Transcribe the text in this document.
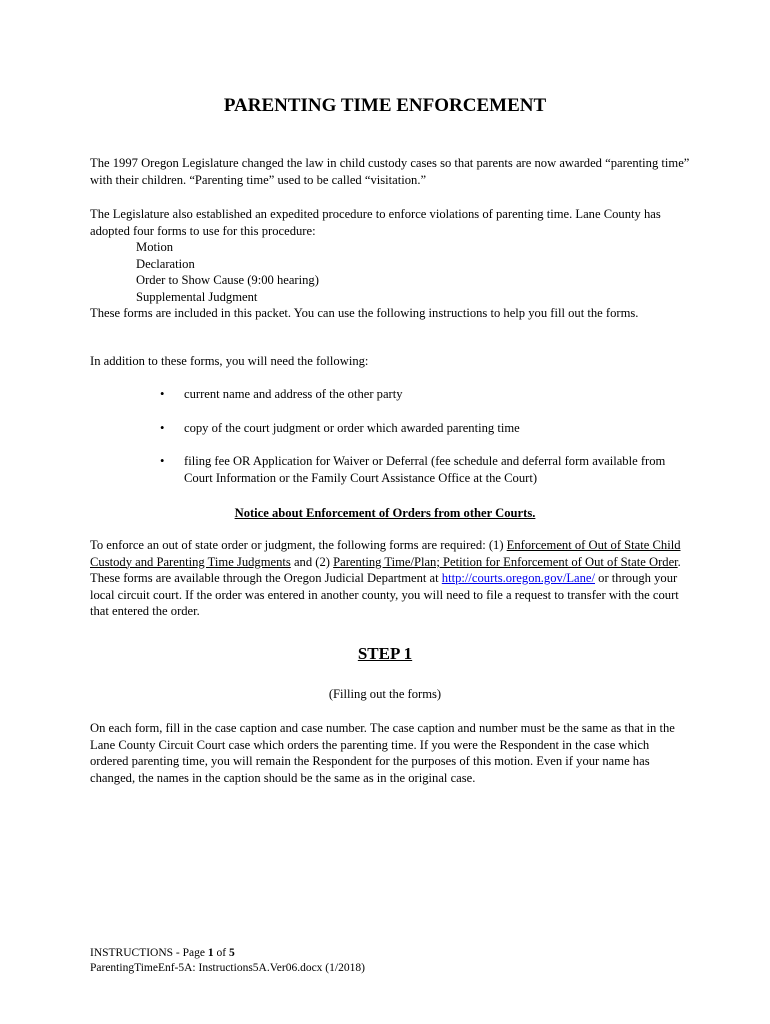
PARENTING TIME ENFORCEMENT

The 1997 Oregon Legislature changed the law in child custody cases so that parents are now awarded “parenting time” with their children. “Parenting time” used to be called “visitation.”

The Legislature also established an expedited procedure to enforce violations of parenting time. Lane County has adopted four forms to use for this procedure:

Motion

Declaration

Order to Show Cause (9:00 hearing)

Supplemental Judgment

These forms are included in this packet. You can use the following instructions to help you fill out the forms.

In addition to these forms, you will need the following:

• current name and address of the other party
• copy of the court judgment or order which awarded parenting time
• filing fee OR Application for Waiver or Deferral (fee schedule and deferral form available from Court Information or the Family Court Assistance Office at the Court)
Notice about Enforcement of Orders from other Courts.

To enforce an out of state order or judgment, the following forms are required: (1) Enforcement of Out of State Child Custody and Parenting Time Judgments and (2) Parenting Time/Plan; Petition for Enforcement of Out of State Order. These forms are available through the Oregon Judicial Department at http://courts.oregon.gov/Lane/ or through your local circuit court. If the order was entered in another county, you will need to file a request to transfer with the court that entered the order.

STEP 1
(Filling out the forms)

On each form, fill in the case caption and case number. The case caption and number must be the same as that in the Lane County Circuit Court case which orders the parenting time. If you were the Respondent in the case which ordered parenting time, you will remain the Respondent for the purposes of this motion. Even if your name has changed, the names in the caption should be the same as in the original case.

INSTRUCTIONS - Page 1 of 5
ParentingTimeEnf-5A: Instructions5A.Ver06.docx (1/2018)
